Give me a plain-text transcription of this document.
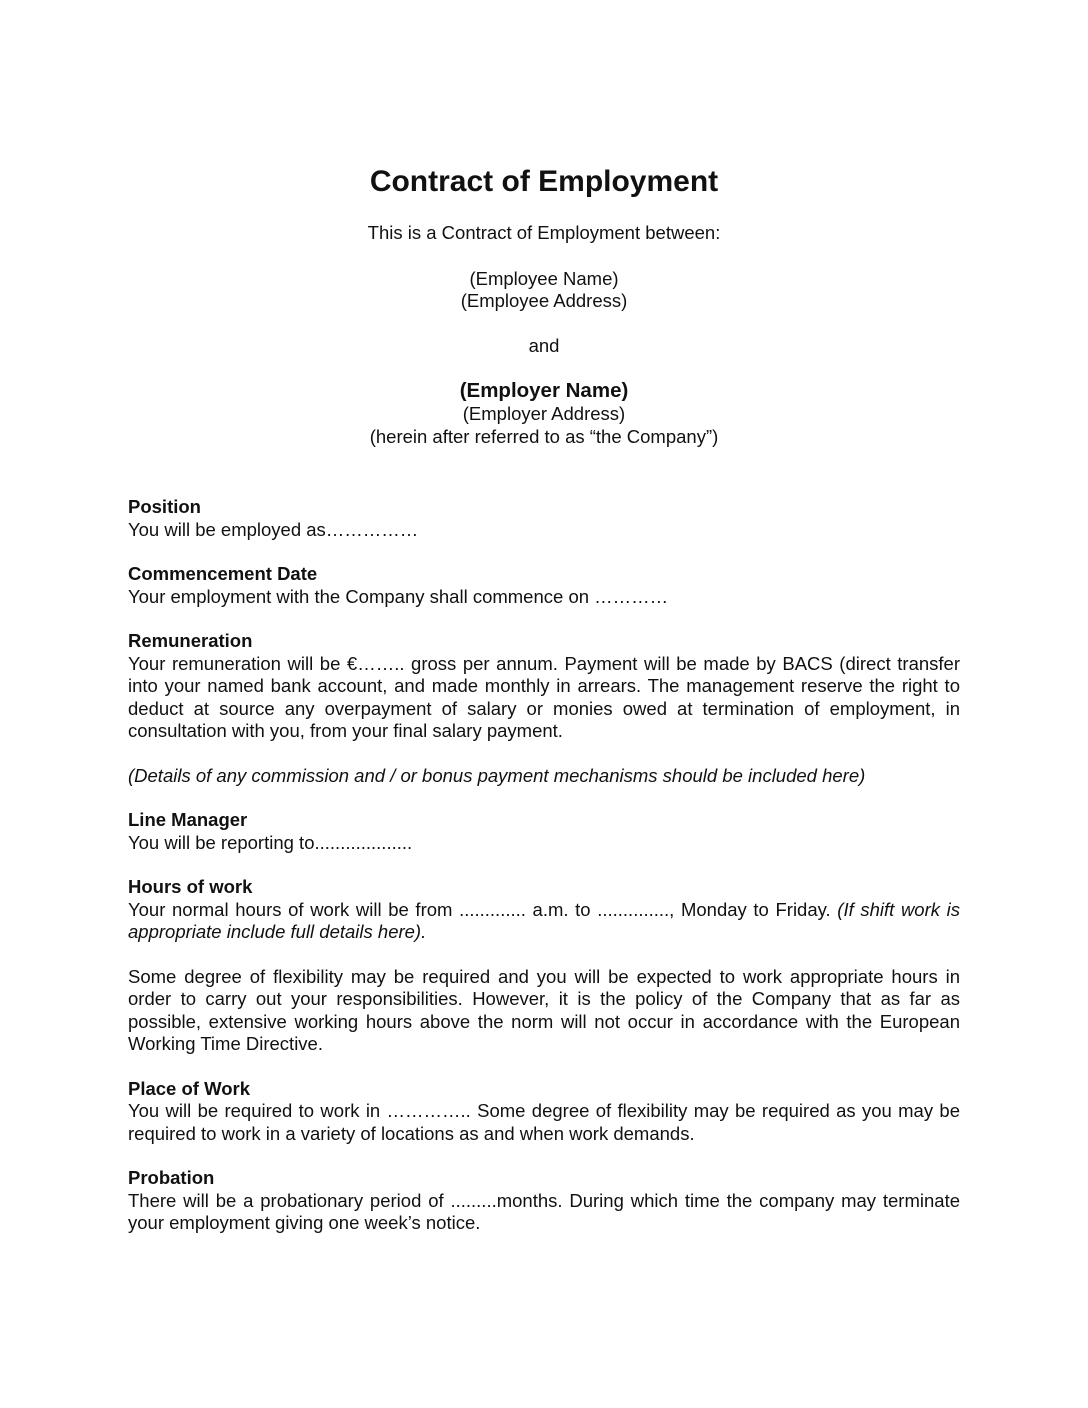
Contract of Employment
This is a Contract of Employment between:
(Employee Name)
(Employee Address)
and
(Employer Name)
(Employer Address)
(herein after referred to as “the Company”)
Position

You will be employed as……………

Commencement Date

Your employment with the Company shall commence on …………

Remuneration

Your remuneration will be €…….. gross per annum. Payment will be made by BACS (direct transfer into your named bank account, and made monthly in arrears. The management reserve the right to deduct at source any overpayment of salary or monies owed at termination of employment, in consultation with you, from your final salary payment.

(Details of any commission and / or bonus payment mechanisms should be included here)

Line Manager

You will be reporting to...................

Hours of work

Your normal hours of work will be from ............. a.m. to .............., Monday to Friday. (If shift work is appropriate include full details here).

Some degree of flexibility may be required and you will be expected to work appropriate hours in order to carry out your responsibilities. However, it is the policy of the Company that as far as possible, extensive working hours above the norm will not occur in accordance with the European Working Time Directive.

Place of Work

You will be required to work in ………….. Some degree of flexibility may be required as you may be required to work in a variety of locations as and when work demands.

Probation

There will be a probationary period of .........months. During which time the company may terminate your employment giving one week’s notice.
